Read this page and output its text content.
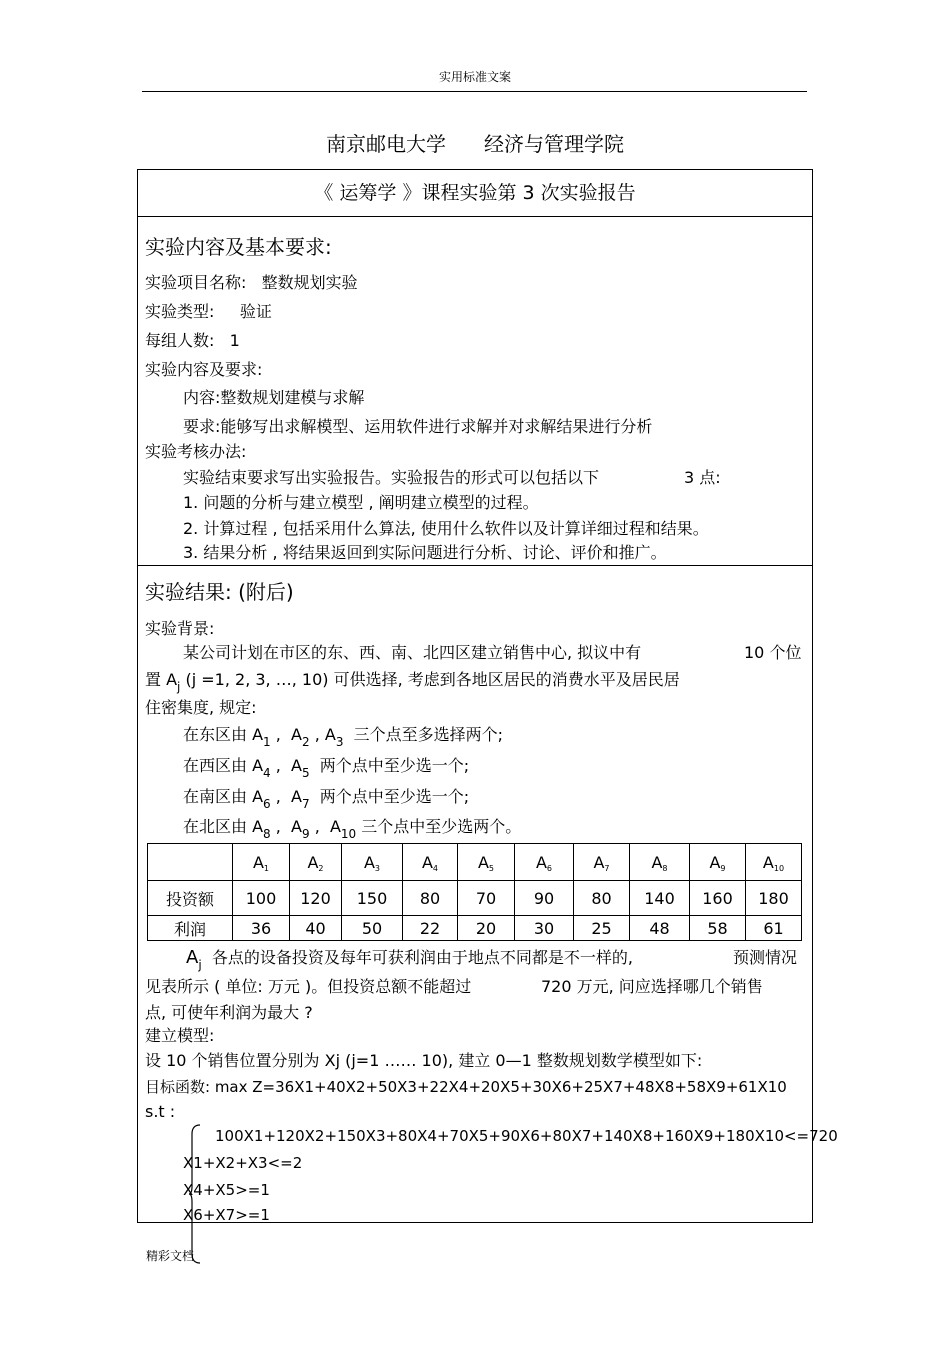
实用标准文案
南京邮电大学 经济与管理学院
《 运筹学 》课程实验第 3 次实验报告
实验内容及基本要求:
实验项目名称: 整数规划实验
实验类型: 验证
每组人数: 1
实验内容及要求:
内容:整数规划建模与求解
要求:能够写出求解模型、运用软件进行求解并对求解结果进行分析
实验考核办法:
实验结束要求写出实验报告。实验报告的形式可以包括以下	3 点:
1. 问题的分析与建立模型 , 阐明建立模型的过程。
2. 计算过程 , 包括采用什么算法, 使用什么软件以及计算详细过程和结果。
3. 结果分析 , 将结果返回到实际问题进行分析、讨论、评价和推广。
实验结果: (附后)
实验背景:
某公司计划在市区的东、西、南、北四区建立销售中心, 拟议中有	10 个位
置 $A_j$ (j =1, 2, 3, …, 10) 可供选择, 考虑到各地区居民的消费水平及居民居
住密集度, 规定:
在东区由 $A_1$ ,  $A_2$ , $A_3$ 三个点至多选择两个;
在西区由 $A_4$ ,  $A_5$ 两个点中至少选一个;
在南区由 $A_6$ ,  $A_7$ 两个点中至少选一个;
在北区由 $A_8$ ,  $A_9$ ,  $A_{10}$ 三个点中至少选两个。
	A1	A2	A3	A4	A5	A6	A7	A8	A9	A10
投资额	100	120	150	80	70	90	80	140	160	180
利润	36	40	50	22	20	30	25	48	58	61
$A_j$ 各点的设备投资及每年可获利润由于地点不同都是不一样的,	预测情况
见表所示 ( 单位: 万元 )。但投资总额不能超过	720 万元, 问应选择哪几个销售
点, 可使年利润为最大 ?
建立模型:
设 10 个销售位置分别为 Xj (j=1 …… 10), 建立 0—1 整数规划数学模型如下:
目标函数: max Z=36X1+40X2+50X3+22X4+20X5+30X6+25X7+48X8+58X9+61X10
s.t :
100X1+120X2+150X3+80X4+70X5+90X6+80X7+140X8+160X9+180X10<=720
X1+X2+X3<=2
X4+X5>=1
X6+X7>=1
精彩文档
